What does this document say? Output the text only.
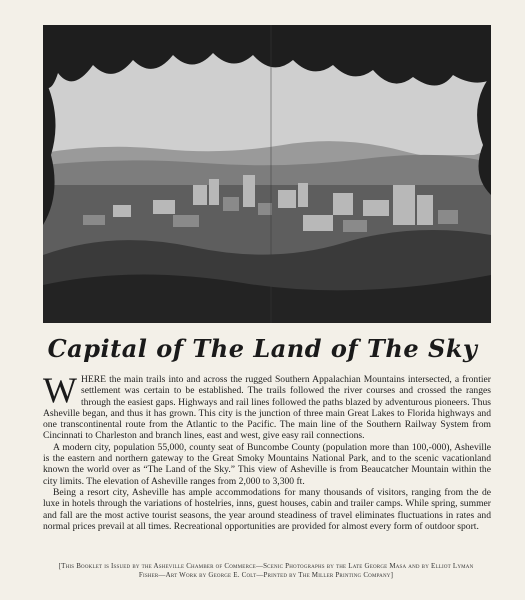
Capital of The Land of The Sky

WHERE the main trails into and across the rugged Southern Appalachian Mountains intersected, a frontier settlement was certain to be established. The trails followed the river courses and crossed the ranges through the easiest gaps. Highways and rail lines followed the paths blazed by adventurous pioneers. Thus Asheville began, and thus it has grown. This city is the junction of three main Great Lakes to Florida highways and one transcontinental route from the Atlantic to the Pacific. The main line of the Southern Railway System from Cincinnati to Charleston and branch lines, east and west, give easy rail connections.

A modern city, population 55,000, county seat of Buncombe County (population more than 100,-000), Asheville is the eastern and northern gateway to the Great Smoky Mountains National Park, and to the scenic vacationland known the world over as “The Land of the Sky.” This view of Asheville is from Beaucatcher Mountain within the city limits. The elevation of Asheville ranges from 2,000 to 3,300 ft.

Being a resort city, Asheville has ample accommodations for many thousands of visitors, ranging from the de luxe in hotels through the variations of hostelries, inns, guest houses, cabin and trailer camps. While spring, summer and fall are the most active tourist seasons, the year around steadiness of travel eliminates fluctuations in rates and normal prices prevail at all times. Recreational opportunities are provided for almost every form of outdoor sport.

[This Booklet is Issued by the Asheville Chamber of Commerce—Scenic Photographs by the Late George Masa and by Elliot Lyman Fisher—Art Work by George E. Colt—Printed by The Miller Printing Company]
